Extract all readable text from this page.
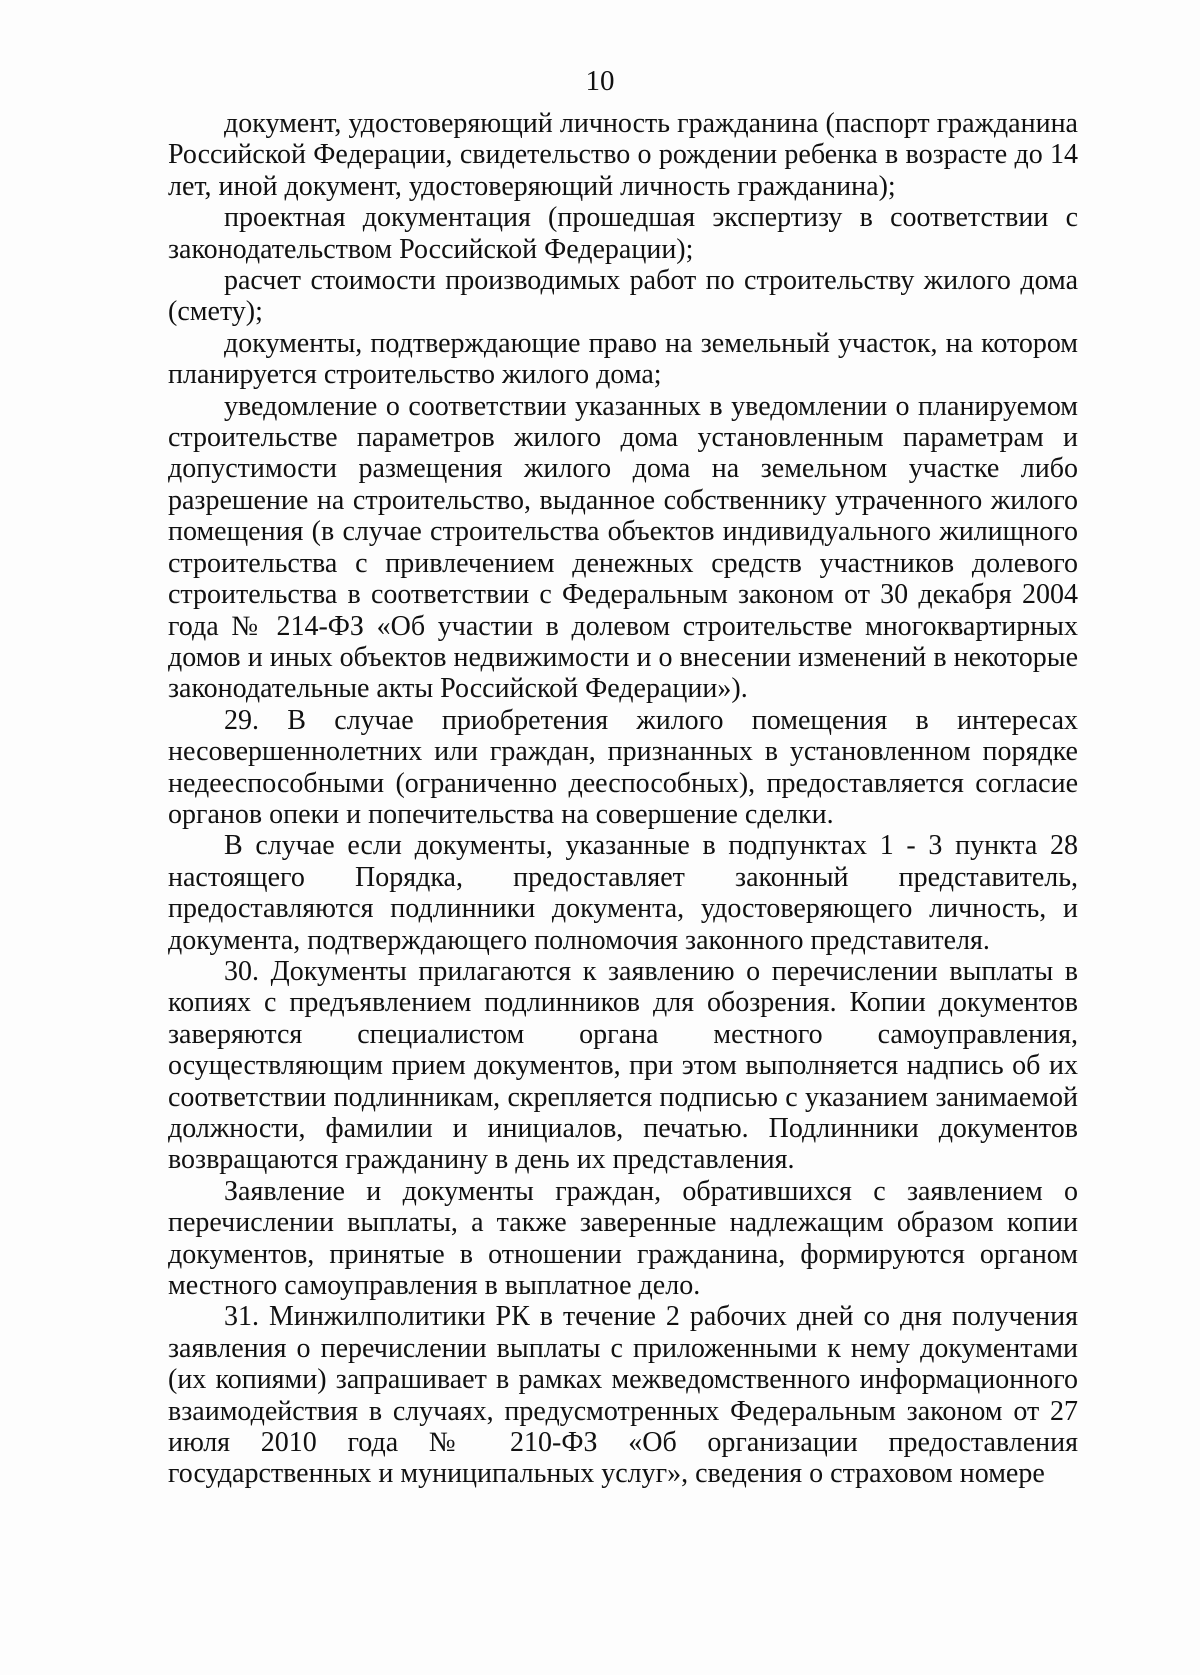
10

документ, удостоверяющий личность гражданина (паспорт гражданина Российской Федерации, свидетельство о рождении ребенка в возрасте до 14 лет, иной документ, удостоверяющий личность гражданина);

проектная документация (прошедшая экспертизу в соответствии с законодательством Российской Федерации);

расчет стоимости производимых работ по строительству жилого дома (смету);

документы, подтверждающие право на земельный участок, на котором планируется строительство жилого дома;

уведомление о соответствии указанных в уведомлении о планируемом строительстве параметров жилого дома установленным параметрам и допустимости размещения жилого дома на земельном участке либо разрешение на строительство, выданное собственнику утраченного жилого помещения (в случае строительства объектов индивидуального жилищного строительства с привлечением денежных средств участников долевого строительства в соответствии с Федеральным законом от 30 декабря 2004 года № 214-ФЗ «Об участии в долевом строительстве многоквартирных домов и иных объектов недвижимости и о внесении изменений в некоторые законодательные акты Российской Федерации»).

29. В случае приобретения жилого помещения в интересах несовершеннолетних или граждан, признанных в установленном порядке недееспособными (ограниченно дееспособных), предоставляется согласие органов опеки и попечительства на совершение сделки.

В случае если документы, указанные в подпунктах 1 - 3 пункта 28 настоящего Порядка, предоставляет законный представитель, предоставляются подлинники документа, удостоверяющего личность, и документа, подтверждающего полномочия законного представителя.

30. Документы прилагаются к заявлению о перечислении выплаты в копиях с предъявлением подлинников для обозрения. Копии документов заверяются специалистом органа местного самоуправления, осуществляющим прием документов, при этом выполняется надпись об их соответствии подлинникам, скрепляется подписью с указанием занимаемой должности, фамилии и инициалов, печатью. Подлинники документов возвращаются гражданину в день их представления.

Заявление и документы граждан, обратившихся с заявлением о перечислении выплаты, а также заверенные надлежащим образом копии документов, принятые в отношении гражданина, формируются органом местного самоуправления в выплатное дело.

31. Минжилполитики РК в течение 2 рабочих дней со дня получения заявления о перечислении выплаты с приложенными к нему документами (их копиями) запрашивает в рамках межведомственного информационного взаимодействия в случаях, предусмотренных Федеральным законом от 27 июля 2010 года № 210-ФЗ «Об организации предоставления государственных и муниципальных услуг», сведения о страховом номере
